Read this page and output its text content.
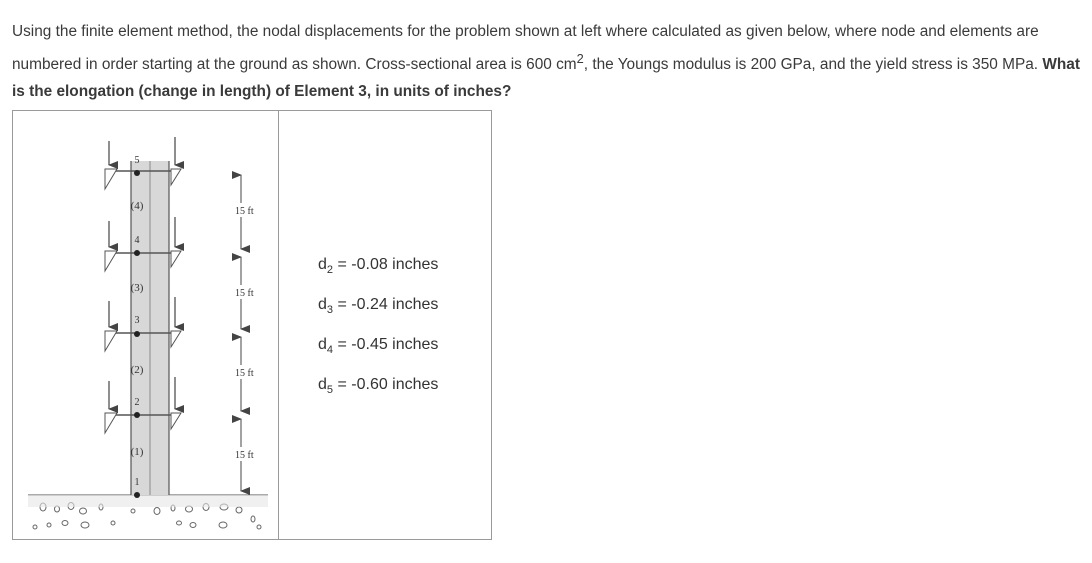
Using the finite element method, the nodal displacements for the problem shown at left where calculated as given below, where node and elements are numbered in order starting at the ground as shown. Cross-sectional area is 600 $cm^2$, the Youngs modulus is 200 GPa, and the yield stress is 350 MPa. What is the elongation (change in length) of Element 3, in units of inches?
5
4
3
2
1
(4)
(3)
(2)
(1)
15 ft
15 ft
15 ft
15 ft
$d_2 = -0.08$ inches
$d_3 = -0.24$ inches
$d_4 = -0.45$ inches
$d_5 = -0.60$ inches
